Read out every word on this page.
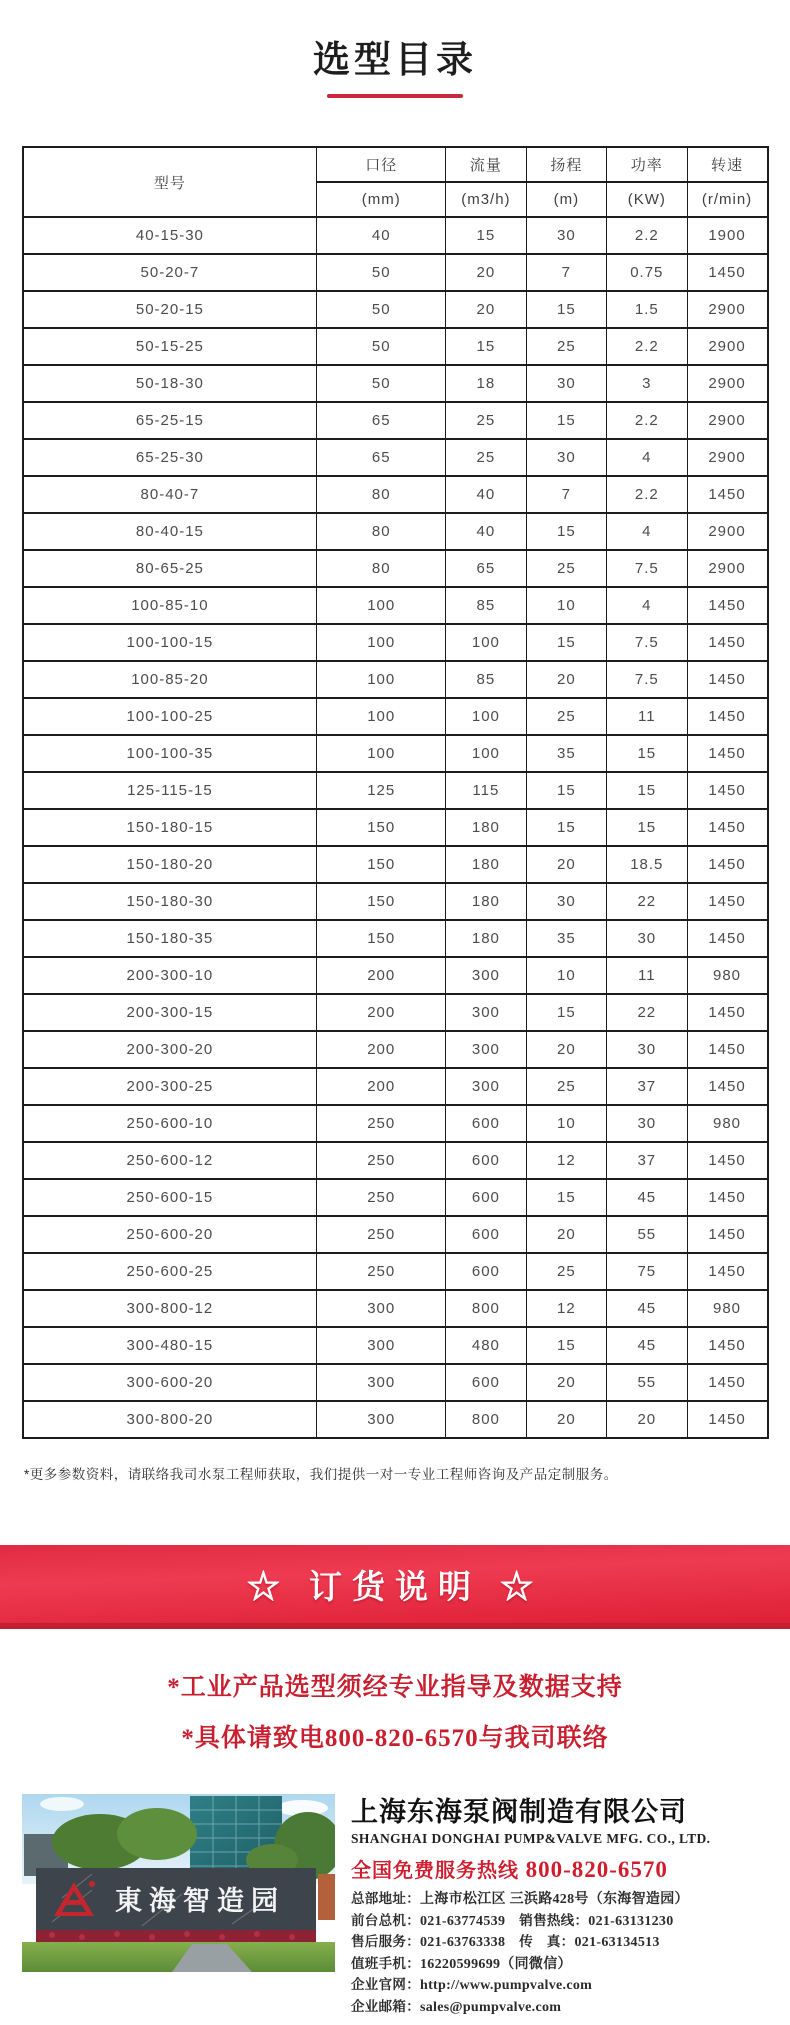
选型目录
型号	口径	流量	扬程	功率	转速
	(mm)	(m3/h)	(m)	(KW)	(r/min)
40-15-30	40	15	30	2.2	1900
50-20-7	50	20	7	0.75	1450
50-20-15	50	20	15	1.5	2900
50-15-25	50	15	25	2.2	2900
50-18-30	50	18	30	3	2900
65-25-15	65	25	15	2.2	2900
65-25-30	65	25	30	4	2900
80-40-7	80	40	7	2.2	1450
80-40-15	80	40	15	4	2900
80-65-25	80	65	25	7.5	2900
100-85-10	100	85	10	4	1450
100-100-15	100	100	15	7.5	1450
100-85-20	100	85	20	7.5	1450
100-100-25	100	100	25	11	1450
100-100-35	100	100	35	15	1450
125-115-15	125	115	15	15	1450
150-180-15	150	180	15	15	1450
150-180-20	150	180	20	18.5	1450
150-180-30	150	180	30	22	1450
150-180-35	150	180	35	30	1450
200-300-10	200	300	10	11	980
200-300-15	200	300	15	22	1450
200-300-20	200	300	20	30	1450
200-300-25	200	300	25	37	1450
250-600-10	250	600	10	30	980
250-600-12	250	600	12	37	1450
250-600-15	250	600	15	45	1450
250-600-20	250	600	20	55	1450
250-600-25	250	600	25	75	1450
300-800-12	300	800	12	45	980
300-480-15	300	480	15	45	1450
300-600-20	300	600	20	55	1450
300-800-20	300	800	20	20	1450
*更多参数资料，请联络我司水泵工程师获取，我们提供一对一专业工程师咨询及产品定制服务。
☆ 订货说明 ☆
*工业产品选型须经专业指导及数据支持
*具体请致电800-820-6570与我司联络
東海智造园
上海东海泵阀制造有限公司
SHANGHAI DONGHAI PUMP&VALVE MFG. CO., LTD.
全国免费服务热线 800-820-6570
总部地址：上海市松江区 三浜路428号（东海智造园）
前台总机：021-63774539 销售热线：021-63131230
售后服务：021-63763338 传　真：021-63134513
值班手机：16220599699（同微信）
企业官网：http://www.pumpvalve.com
企业邮箱：sales@pumpvalve.com
